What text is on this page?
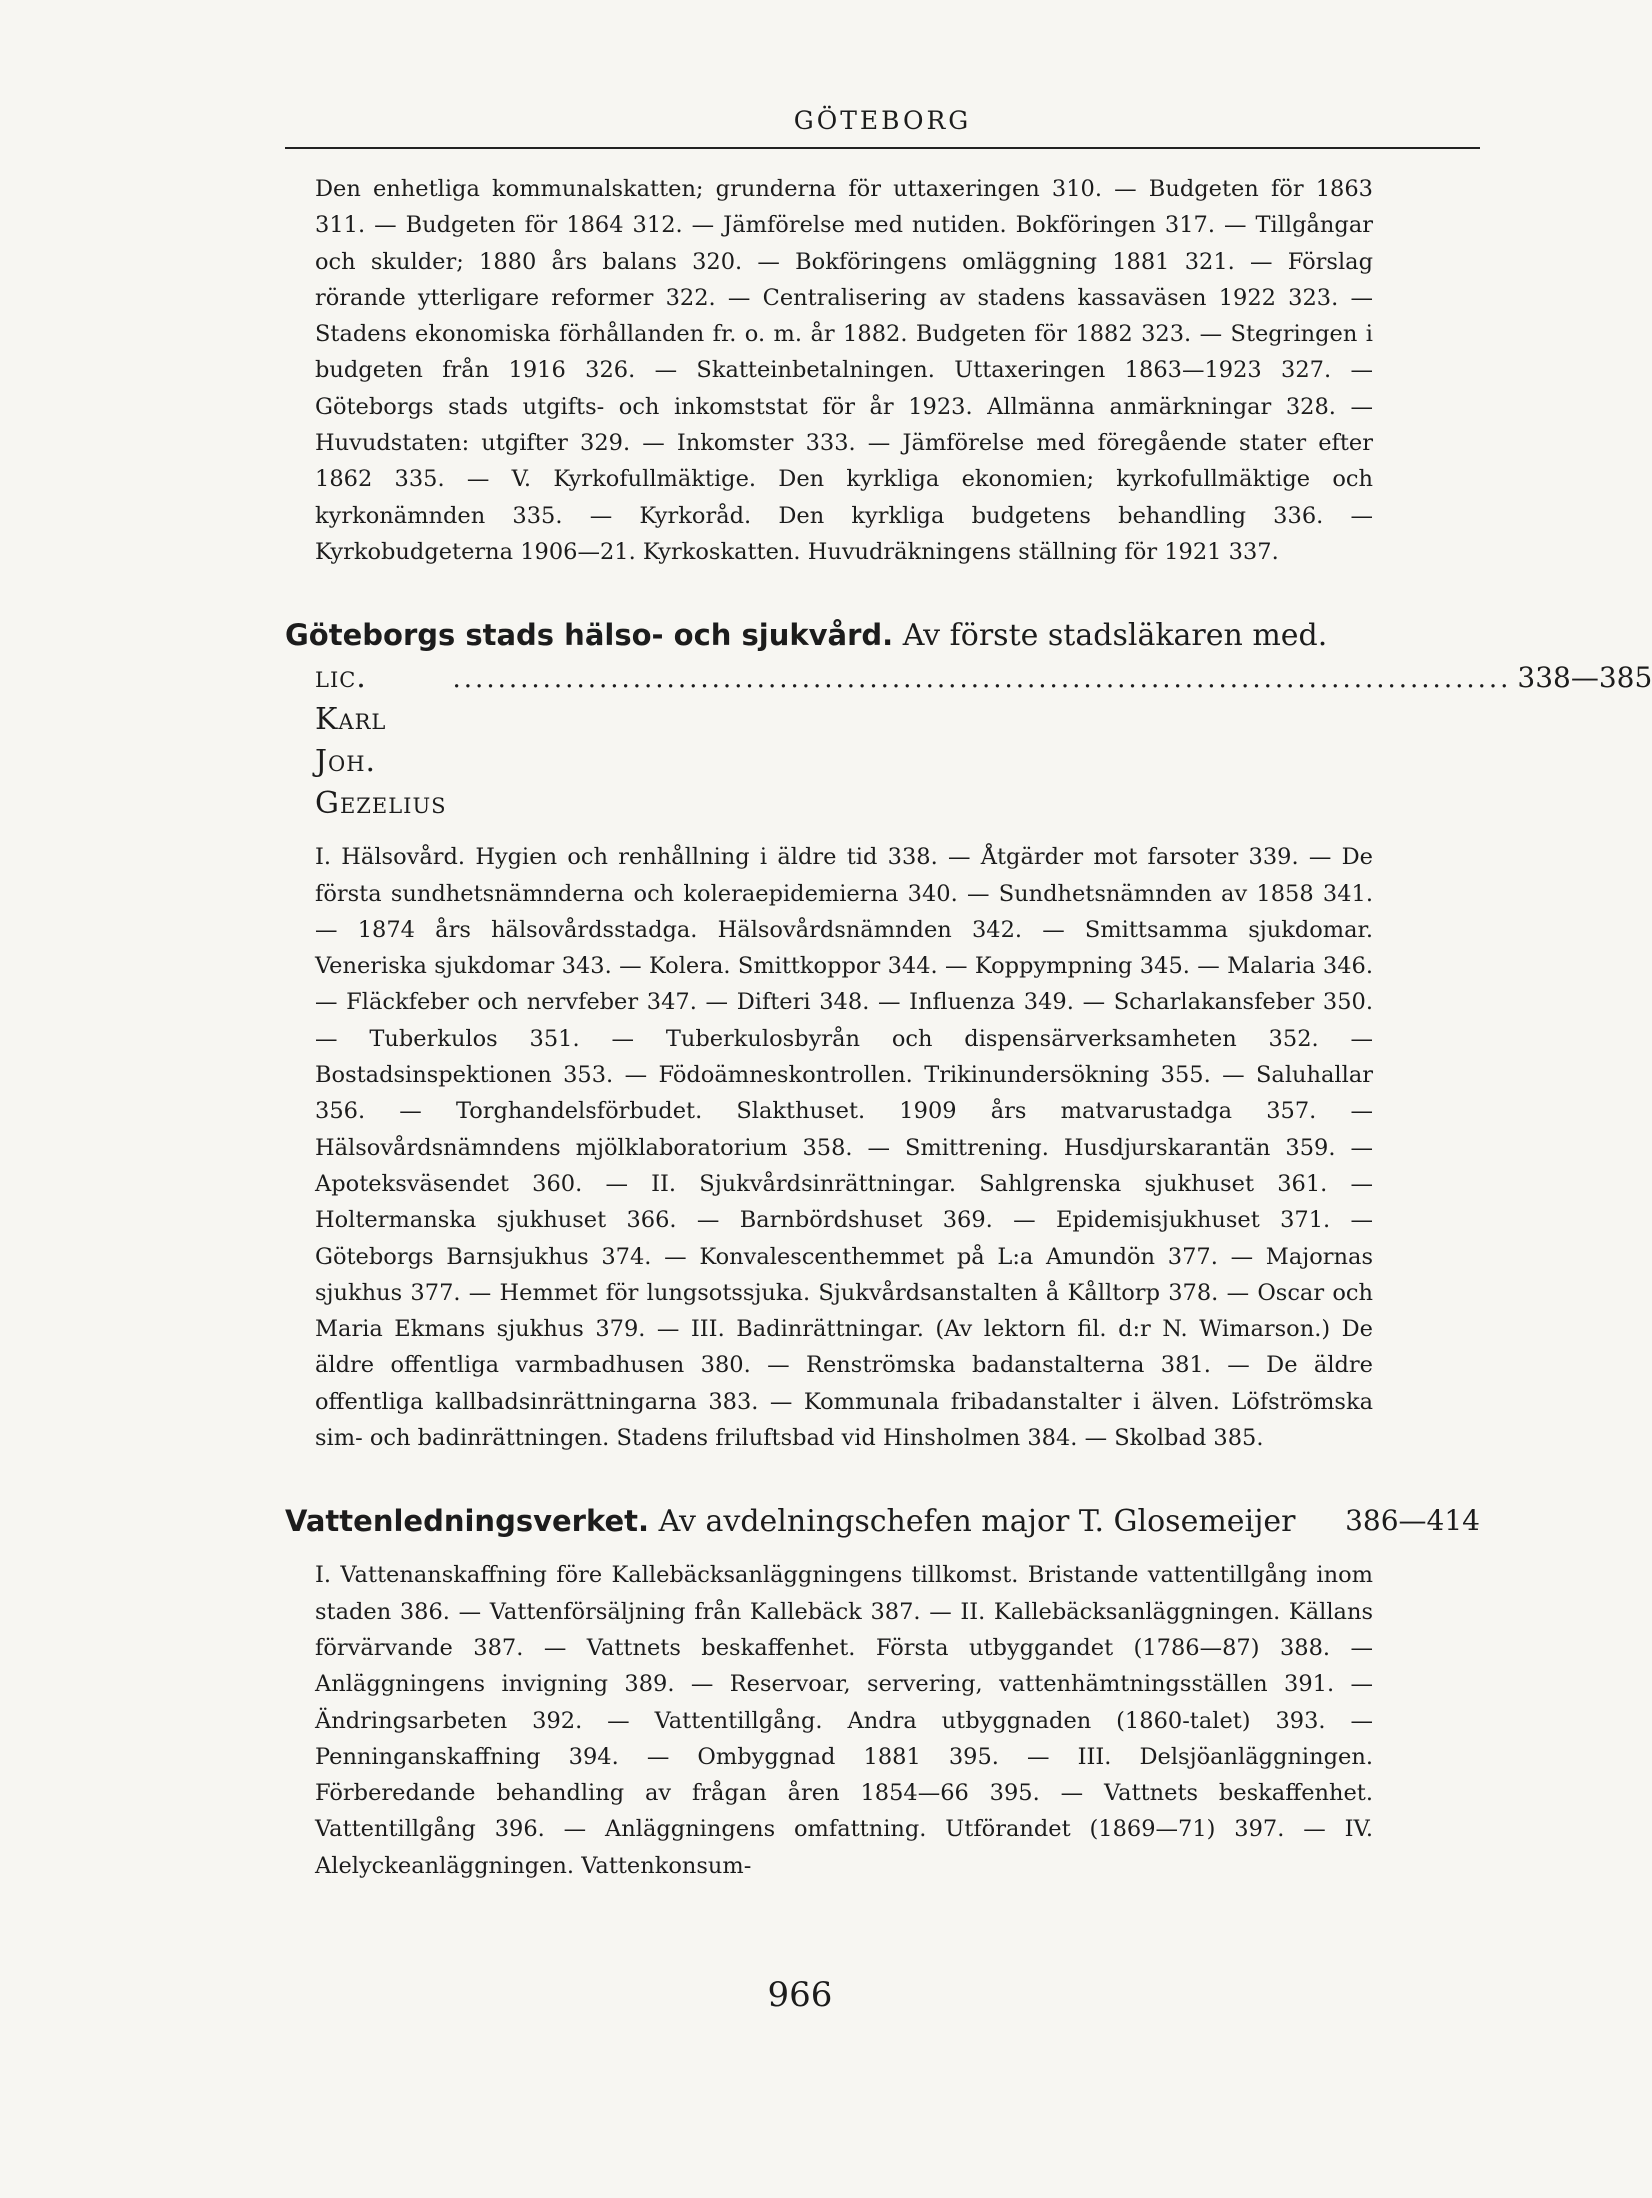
GÖTEBORG
Den enhetliga kommunalskatten; grunderna för uttaxeringen 310. — Budgeten för 1863 311. — Budgeten för 1864 312. — Jämförelse med nutiden. Bokföringen 317. — Tillgångar och skulder; 1880 års balans 320. — Bokföringens omläggning 1881 321. — Förslag rörande ytterligare reformer 322. — Centralisering av stadens kassaväsen 1922 323. — Stadens ekonomiska förhållanden fr. o. m. år 1882. Budgeten för 1882 323. — Stegringen i budgeten från 1916 326. — Skatteinbetalningen. Uttaxeringen 1863—1923 327. — Göteborgs stads utgifts- och inkomststat för år 1923. Allmänna anmärkningar 328. — Huvudstaten: utgifter 329. — Inkomster 333. — Jämförelse med föregående stater efter 1862 335. — V. Kyrkofullmäktige. Den kyrkliga ekonomien; kyrkofullmäktige och kyrkonämnden 335. — Kyrkoråd. Den kyrkliga budgetens behandling 336. — Kyrkobudgeterna 1906—21. Kyrkoskatten. Huvudräkningens ställning för 1921 337.
Göteborgs stads hälso- och sjukvård. Av förste stadsläkaren med.
lic. Karl Joh. Gezelius
.............................................................................................. 338—385
I. Hälsovård. Hygien och renhållning i äldre tid 338. — Åtgärder mot farsoter 339. — De första sundhetsnämnderna och koleraepidemierna 340. — Sundhetsnämnden av 1858 341. — 1874 års hälsovårdsstadga. Hälsovårdsnämnden 342. — Smittsamma sjukdomar. Veneriska sjukdomar 343. — Kolera. Smittkoppor 344. — Koppympning 345. — Malaria 346. — Fläckfeber och nervfeber 347. — Difteri 348. — Influenza 349. — Scharlakansfeber 350. — Tuberkulos 351. — Tuberkulosbyrån och dispensärverksamheten 352. — Bostadsinspektionen 353. — Födoämneskontrollen. Trikinundersökning 355. — Saluhallar 356. — Torghandelsförbudet. Slakthuset. 1909 års matvarustadga 357. — Hälsovårdsnämndens mjölklaboratorium 358. — Smittrening. Husdjurskarantän 359. — Apoteksväsendet 360. — II. Sjukvårdsinrättningar. Sahlgrenska sjukhuset 361. — Holtermanska sjukhuset 366. — Barnbördshuset 369. — Epidemisjukhuset 371. — Göteborgs Barnsjukhus 374. — Konvalescenthemmet på L:a Amundön 377. — Majornas sjukhus 377. — Hemmet för lungsotssjuka. Sjukvårdsanstalten å Kålltorp 378. — Oscar och Maria Ekmans sjukhus 379. — III. Badinrättningar. (Av lektorn fil. d:r N. Wimarson.) De äldre offentliga varmbadhusen 380. — Renströmska badanstalterna 381. — De äldre offentliga kallbadsinrättningarna 383. — Kommunala fribadanstalter i älven. Löfströmska sim- och badinrättningen. Stadens friluftsbad vid Hinsholmen 384. — Skolbad 385.
Vattenledningsverket. Av avdelningschefen major T. Glosemeijer 386—414
I. Vattenanskaffning före Kallebäcksanläggningens tillkomst. Bristande vattentillgång inom staden 386. — Vattenförsäljning från Kallebäck 387. — II. Kallebäcksanläggningen. Källans förvärvande 387. — Vattnets beskaffenhet. Första utbyggandet (1786—87) 388. — Anläggningens invigning 389. — Reservoar, servering, vattenhämtningsställen 391. — Ändringsarbeten 392. — Vattentillgång. Andra utbyggnaden (1860-talet) 393. — Penninganskaffning 394. — Ombyggnad 1881 395. — III. Delsjöanläggningen. Förberedande behandling av frågan åren 1854—66 395. — Vattnets beskaffenhet. Vattentillgång 396. — Anläggningens omfattning. Utförandet (1869—71) 397. — IV. Alelyckeanläggningen. Vattenkonsum-
966
